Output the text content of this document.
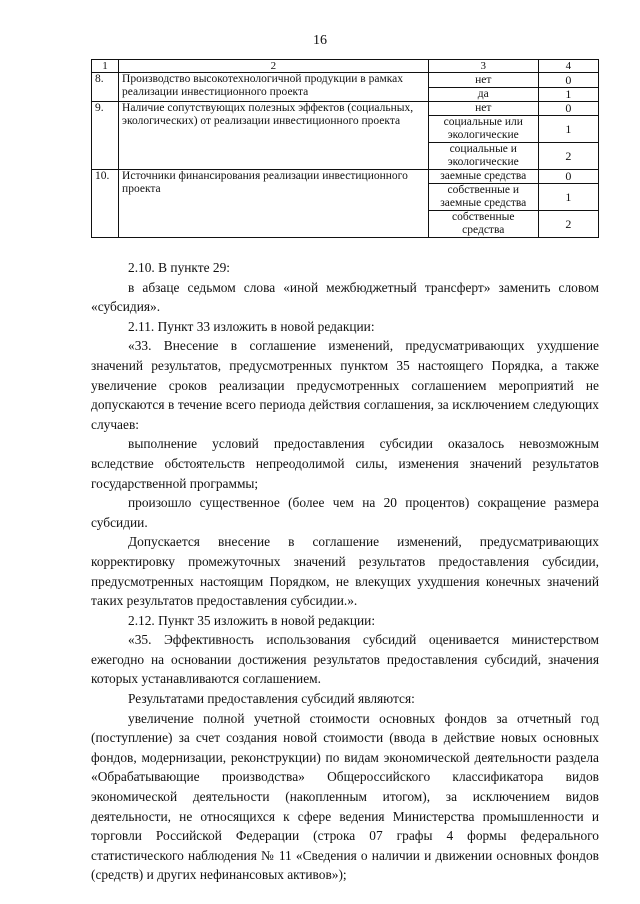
16
1	2	3	4
8.	Производство высокотехнологичной продукции в рамках реализации инвестиционного проекта	нет	0
		да	1
9.	Наличие сопутствующих полезных эффектов (социальных, экологических) от реализации инвестиционного проекта	нет	0
		социальные или экологические	1
		социальные и экологические	2
10.	Источники финансирования реализации инвестиционного проекта	заемные средства	0
		собственные и заемные средства	1
		собственные средства	2

2.10. В пункте 29:

в абзаце седьмом слова «иной межбюджетный трансферт» заменить словом «субсидия».

2.11. Пункт 33 изложить в новой редакции:

«33. Внесение в соглашение изменений, предусматривающих ухудшение значений результатов, предусмотренных пунктом 35 настоящего Порядка, а также увеличение сроков реализации предусмотренных соглашением мероприятий не допускаются в течение всего периода действия соглашения, за исключением следующих случаев:

выполнение условий предоставления субсидии оказалось невозможным вследствие обстоятельств непреодолимой силы, изменения значений результатов государственной программы;

произошло существенное (более чем на 20 процентов) сокращение размера субсидии.

Допускается внесение в соглашение изменений, предусматривающих корректировку промежуточных значений результатов предоставления субсидии, предусмотренных настоящим Порядком, не влекущих ухудшения конечных значений таких результатов предоставления субсидии.».

2.12. Пункт 35 изложить в новой редакции:

«35. Эффективность использования субсидий оценивается министерством ежегодно на основании достижения результатов предоставления субсидий, значения которых устанавливаются соглашением.

Результатами предоставления субсидий являются:

увеличение полной учетной стоимости основных фондов за отчетный год (поступление) за счет создания новой стоимости (ввода в действие новых основных фондов, модернизации, реконструкции) по видам экономической деятельности раздела «Обрабатывающие производства» Общероссийского классификатора видов экономической деятельности (накопленным итогом), за исключением видов деятельности, не относящихся к сфере ведения Министерства промышленности и торговли Российской Федерации (строка 07 графы 4 формы федерального статистического наблюдения № 11 «Сведения о наличии и движении основных фондов (средств) и других нефинансовых активов»);
